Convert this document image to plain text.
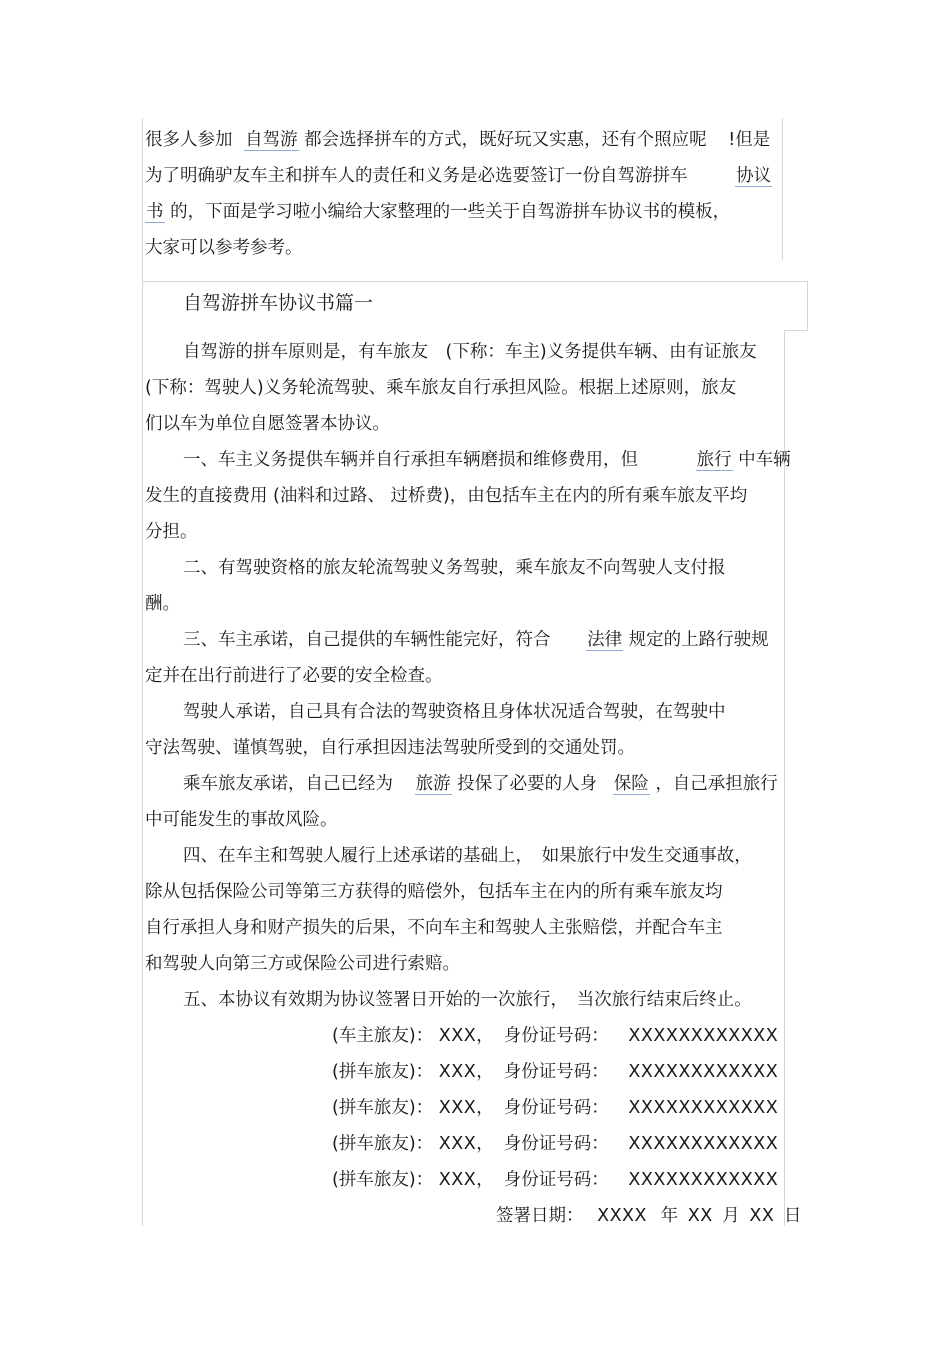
很多人参加 自驾游 都会选择拼车的方式，既好玩又实惠，还有个照应呢 !但是
为了明确驴友车主和拼车人的责任和义务是必选要签订一份自驾游拼车	协议
书 的，下面是学习啦小编给大家整理的一些关于自驾游拼车协议书的模板，
大家可以参考参考。
自驾游拼车协议书篇一
自驾游的拼车原则是，有车旅友　(下称：车主)义务提供车辆、由有证旅友
(下称：驾驶人)义务轮流驾驶、乘车旅友自行承担风险。根据上述原则，旅友
们以车为单位自愿签署本协议。
一、车主义务提供车辆并自行承担车辆磨损和维修费用，但	旅行 中车辆
发生的直接费用 (油料和过路、 过桥费)，由包括车主在内的所有乘车旅友平均
分担。
二、有驾驶资格的旅友轮流驾驶义务驾驶，乘车旅友不向驾驶人支付报
酬。
三、车主承诺，自己提供的车辆性能完好，符合 法律 规定的上路行驶规
定并在出行前进行了必要的安全检查。
驾驶人承诺，自己具有合法的驾驶资格且身体状况适合驾驶，在驾驶中
守法驾驶、谨慎驾驶，自行承担因违法驾驶所受到的交通处罚。
乘车旅友承诺，自己已经为 旅游 投保了必要的人身 保险 ，自己承担旅行
中可能发生的事故风险。
四、在车主和驾驶人履行上述承诺的基础上，　如果旅行中发生交通事故，
除从包括保险公司等第三方获得的赔偿外，包括车主在内的所有乘车旅友均
自行承担人身和财产损失的后果，不向车主和驾驶人主张赔偿，并配合车主
和驾驶人向第三方或保险公司进行索赔。
五、本协议有效期为协议签署日开始的一次旅行，　当次旅行结束后终止。
(车主旅友)： XXX， 身份证号码： XXXXXXXXXXXX
(拼车旅友)： XXX， 身份证号码： XXXXXXXXXXXX
(拼车旅友)： XXX， 身份证号码： XXXXXXXXXXXX
(拼车旅友)： XXX， 身份证号码： XXXXXXXXXXXX
(拼车旅友)： XXX， 身份证号码： XXXXXXXXXXXX
签署日期： XXXX 年 XX 月 XX 日
